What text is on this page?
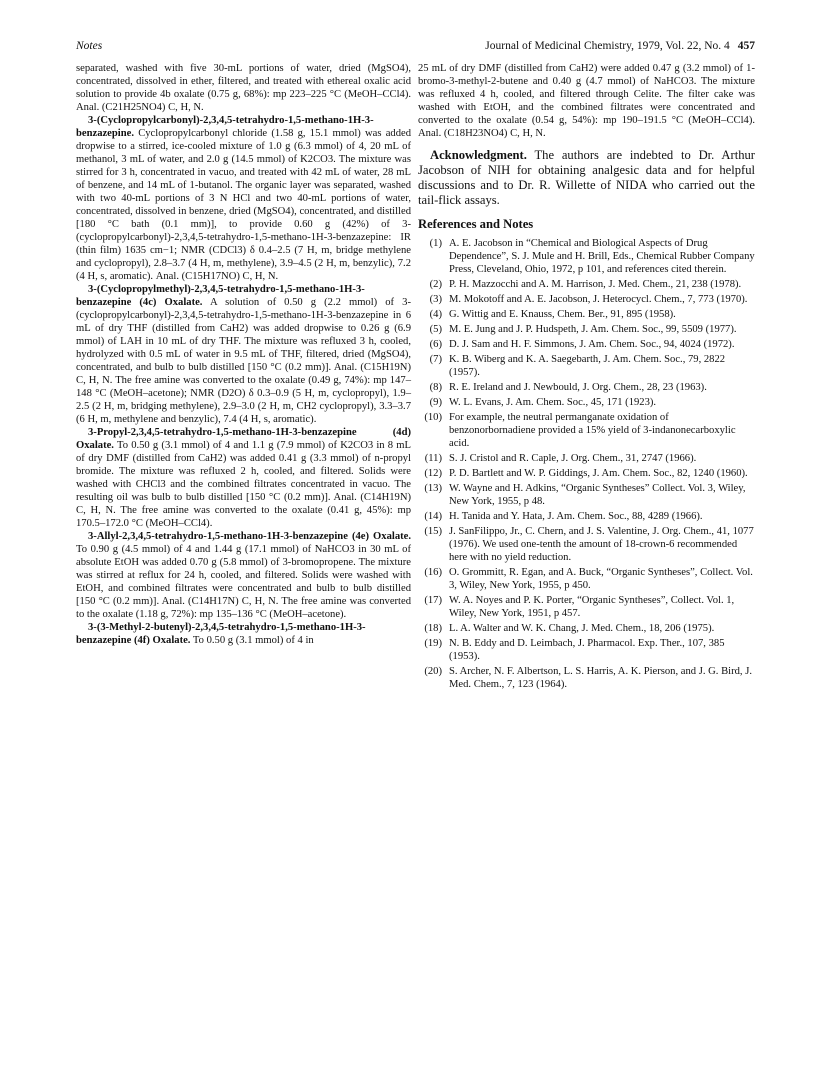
Notes	Journal of Medicinal Chemistry, 1979, Vol. 22, No. 4 457

separated, washed with five 30-mL portions of water, dried (MgSO4), concentrated, dissolved in ether, filtered, and treated with ethereal oxalic acid solution to provide 4b oxalate (0.75 g, 68%): mp 223–225 °C (MeOH–CCl4). Anal. (C21H25NO4) C, H, N.

3-(Cyclopropylcarbonyl)-2,3,4,5-tetrahydro-1,5-methano-1H-3-benzazepine. Cyclopropylcarbonyl chloride (1.58 g, 15.1 mmol) was added dropwise to a stirred, ice-cooled mixture of 1.0 g (6.3 mmol) of 4, 20 mL of methanol, 3 mL of water, and 2.0 g (14.5 mmol) of K2CO3. The mixture was stirred for 3 h, concentrated in vacuo, and treated with 42 mL of water, 28 mL of benzene, and 14 mL of 1-butanol. The organic layer was separated, washed with two 40-mL portions of 3 N HCl and two 40-mL portions of water, concentrated, dissolved in benzene, dried (MgSO4), concentrated, and distilled [180 °C bath (0.1 mm)], to provide 0.60 g (42%) of 3-(cyclopropylcarbonyl)-2,3,4,5-tetrahydro-1,5-methano-1H-3-benzazepine: IR (thin film) 1635 cm−1; NMR (CDCl3) δ 0.4–2.5 (7 H, m, bridge methylene and cyclopropyl), 2.8–3.7 (4 H, m, methylene), 3.9–4.5 (2 H, m, benzylic), 7.2 (4 H, s, aromatic). Anal. (C15H17NO) C, H, N.

3-(Cyclopropylmethyl)-2,3,4,5-tetrahydro-1,5-methano-1H-3-benzazepine (4c) Oxalate. A solution of 0.50 g (2.2 mmol) of 3-(cyclopropylcarbonyl)-2,3,4,5-tetrahydro-1,5-methano-1H-3-benzazepine in 6 mL of dry THF (distilled from CaH2) was added dropwise to 0.26 g (6.9 mmol) of LAH in 10 mL of dry THF. The mixture was refluxed 3 h, cooled, hydrolyzed with 0.5 mL of water in 9.5 mL of THF, filtered, dried (MgSO4), concentrated, and bulb to bulb distilled [150 °C (0.2 mm)]. Anal. (C15H19N) C, H, N. The free amine was converted to the oxalate (0.49 g, 74%): mp 147–148 °C (MeOH–acetone); NMR (D2O) δ 0.3–0.9 (5 H, m, cyclopropyl), 1.9–2.5 (2 H, m, bridging methylene), 2.9–3.0 (2 H, m, CH2 cyclopropyl), 3.3–3.7 (6 H, m, methylene and benzylic), 7.4 (4 H, s, aromatic).

3-Propyl-2,3,4,5-tetrahydro-1,5-methano-1H-3-benzazepine (4d) Oxalate. To 0.50 g (3.1 mmol) of 4 and 1.1 g (7.9 mmol) of K2CO3 in 8 mL of dry DMF (distilled from CaH2) was added 0.41 g (3.3 mmol) of n-propyl bromide. The mixture was refluxed 2 h, cooled, and filtered. Solids were washed with CHCl3 and the combined filtrates concentrated in vacuo. The resulting oil was bulb to bulb distilled [150 °C (0.2 mm)]. Anal. (C14H19N) C, H, N. The free amine was converted to the oxalate (0.41 g, 45%): mp 170.5–172.0 °C (MeOH–CCl4).

3-Allyl-2,3,4,5-tetrahydro-1,5-methano-1H-3-benzazepine (4e) Oxalate. To 0.90 g (4.5 mmol) of 4 and 1.44 g (17.1 mmol) of NaHCO3 in 30 mL of absolute EtOH was added 0.70 g (5.8 mmol) of 3-bromopropene. The mixture was stirred at reflux for 24 h, cooled, and filtered. Solids were washed with EtOH, and combined filtrates were concentrated and bulb to bulb distilled [150 °C (0.2 mm)]. Anal. (C14H17N) C, H, N. The free amine was converted to the oxalate (1.18 g, 72%): mp 135–136 °C (MeOH–acetone).

3-(3-Methyl-2-butenyl)-2,3,4,5-tetrahydro-1,5-methano-1H-3-benzazepine (4f) Oxalate. To 0.50 g (3.1 mmol) of 4 in

25 mL of dry DMF (distilled from CaH2) were added 0.47 g (3.2 mmol) of 1-bromo-3-methyl-2-butene and 0.40 g (4.7 mmol) of NaHCO3. The mixture was refluxed 4 h, cooled, and filtered through Celite. The filter cake was washed with EtOH, and the combined filtrates were concentrated and converted to the oxalate (0.54 g, 54%): mp 190–191.5 °C (MeOH–CCl4). Anal. (C18H23NO4) C, H, N.

Acknowledgment. The authors are indebted to Dr. Arthur Jacobson of NIH for obtaining analgesic data and for helpful discussions and to Dr. R. Willette of NIDA who carried out the tail-flick assays.

References and Notes

(1) A. E. Jacobson in “Chemical and Biological Aspects of Drug Dependence”, S. J. Mule and H. Brill, Eds., Chemical Rubber Company Press, Cleveland, Ohio, 1972, p 101, and references cited therein.
(2) P. H. Mazzocchi and A. M. Harrison, J. Med. Chem., 21, 238 (1978).
(3) M. Mokotoff and A. E. Jacobson, J. Heterocycl. Chem., 7, 773 (1970).
(4) G. Wittig and E. Knauss, Chem. Ber., 91, 895 (1958).
(5) M. E. Jung and J. P. Hudspeth, J. Am. Chem. Soc., 99, 5509 (1977).
(6) D. J. Sam and H. F. Simmons, J. Am. Chem. Soc., 94, 4024 (1972).
(7) K. B. Wiberg and K. A. Saegebarth, J. Am. Chem. Soc., 79, 2822 (1957).
(8) R. E. Ireland and J. Newbould, J. Org. Chem., 28, 23 (1963).
(9) W. L. Evans, J. Am. Chem. Soc., 45, 171 (1923).
(10) For example, the neutral permanganate oxidation of benzonorbornadiene provided a 15% yield of 3-indanonecarboxylic acid.
(11) S. J. Cristol and R. Caple, J. Org. Chem., 31, 2747 (1966).
(12) P. D. Bartlett and W. P. Giddings, J. Am. Chem. Soc., 82, 1240 (1960).
(13) W. Wayne and H. Adkins, “Organic Syntheses” Collect. Vol. 3, Wiley, New York, 1955, p 48.
(14) H. Tanida and Y. Hata, J. Am. Chem. Soc., 88, 4289 (1966).
(15) J. SanFilippo, Jr., C. Chern, and J. S. Valentine, J. Org. Chem., 41, 1077 (1976). We used one-tenth the amount of 18-crown-6 recommended here with no yield reduction.
(16) O. Grommitt, R. Egan, and A. Buck, “Organic Syntheses”, Collect. Vol. 3, Wiley, New York, 1955, p 450.
(17) W. A. Noyes and P. K. Porter, “Organic Syntheses”, Collect. Vol. 1, Wiley, New York, 1951, p 457.
(18) L. A. Walter and W. K. Chang, J. Med. Chem., 18, 206 (1975).
(19) N. B. Eddy and D. Leimbach, J. Pharmacol. Exp. Ther., 107, 385 (1953).
(20) S. Archer, N. F. Albertson, L. S. Harris, A. K. Pierson, and J. G. Bird, J. Med. Chem., 7, 123 (1964).
